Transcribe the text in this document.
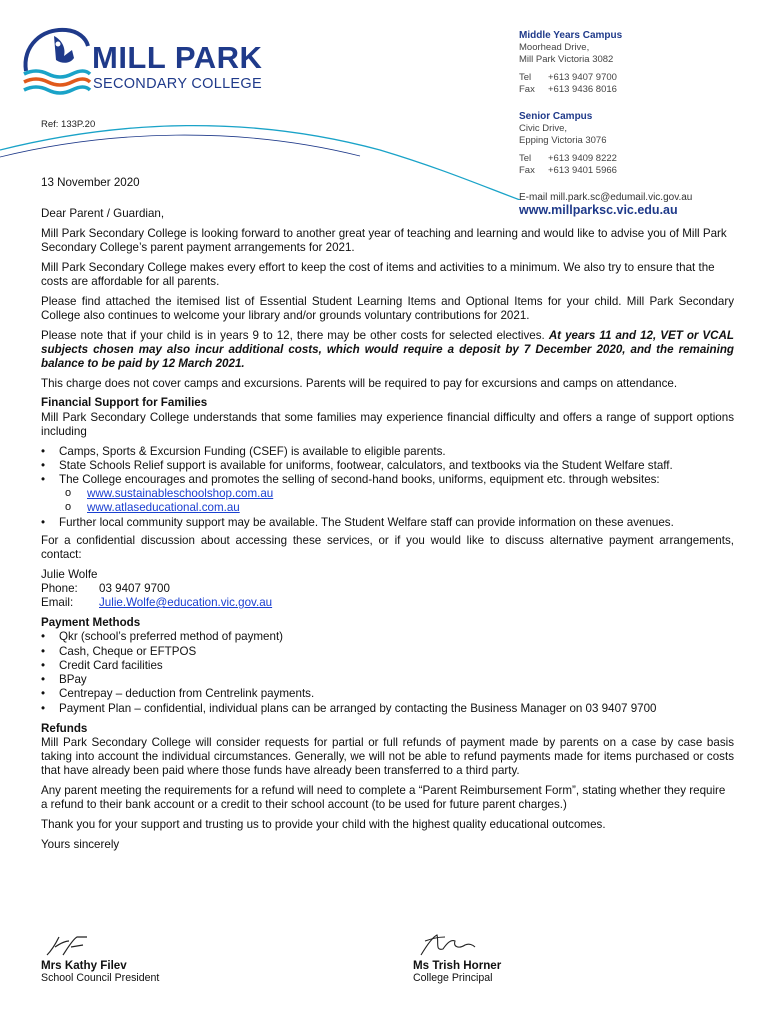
MILL PARK
SECONDARY COLLEGE
Ref: 133P.20
Middle Years Campus
Moorhead Drive,
Mill Park Victoria 3082
Tel	+613 9407 9700
Fax	+613 9436 8016
Senior Campus
Civic Drive,
Epping Victoria 3076
Tel	+613 9409 8222
Fax	+613 9401 5966
E-mail mill.park.sc@edumail.vic.gov.au
www.millparksc.vic.edu.au

13 November 2020

Dear Parent / Guardian,

Mill Park Secondary College is looking forward to another great year of teaching and learning and would like to advise you of Mill Park Secondary College’s parent payment arrangements for 2021.

Mill Park Secondary College makes every effort to keep the cost of items and activities to a minimum. We also try to ensure that the costs are affordable for all parents.

Please find attached the itemised list of Essential Student Learning Items and Optional Items for your child. Mill Park Secondary College also continues to welcome your library and/or grounds voluntary contributions for 2021.

Please note that if your child is in years 9 to 12, there may be other costs for selected electives. At years 11 and 12, VET or VCAL subjects chosen may also incur additional costs, which would require a deposit by 7 December 2020, and the remaining balance to be paid by 12 March 2021.

This charge does not cover camps and excursions. Parents will be required to pay for excursions and camps on attendance.

Financial Support for Families

Mill Park Secondary College understands that some families may experience financial difficulty and offers a range of support options including

• Camps, Sports & Excursion Funding (CSEF) is available to eligible parents.
• State Schools Relief support is available for uniforms, footwear, calculators, and textbooks via the Student Welfare staff.
• The College encourages and promotes the selling of second-hand books, uniforms, equipment etc. through websites:
o www.sustainableschoolshop.com.au
o www.atlaseducational.com.au
• Further local community support may be available. The Student Welfare staff can provide information on these avenues.

For a confidential discussion about accessing these services, or if you would like to discuss alternative payment arrangements, contact:

Julie Wolfe
Phone:	03 9407 9700
Email:	Julie.Wolfe@education.vic.gov.au
Payment Methods
• Qkr (school’s preferred method of payment)
• Cash, Cheque or EFTPOS
• Credit Card facilities
• BPay
• Centrepay – deduction from Centrelink payments.
• Payment Plan – confidential, individual plans can be arranged by contacting the Business Manager on 03 9407 9700
Refunds

Mill Park Secondary College will consider requests for partial or full refunds of payment made by parents on a case by case basis taking into account the individual circumstances. Generally, we will not be able to refund payments made for items purchased or costs that have already been paid where those funds have already been transferred to a third party.

Any parent meeting the requirements for a refund will need to complete a “Parent Reimbursement Form”, stating whether they require a refund to their bank account or a credit to their school account (to be used for future parent charges.)

Thank you for your support and trusting us to provide your child with the highest quality educational outcomes.

Yours sincerely

Mrs Kathy Filev
School Council President
Ms Trish Horner
College Principal
